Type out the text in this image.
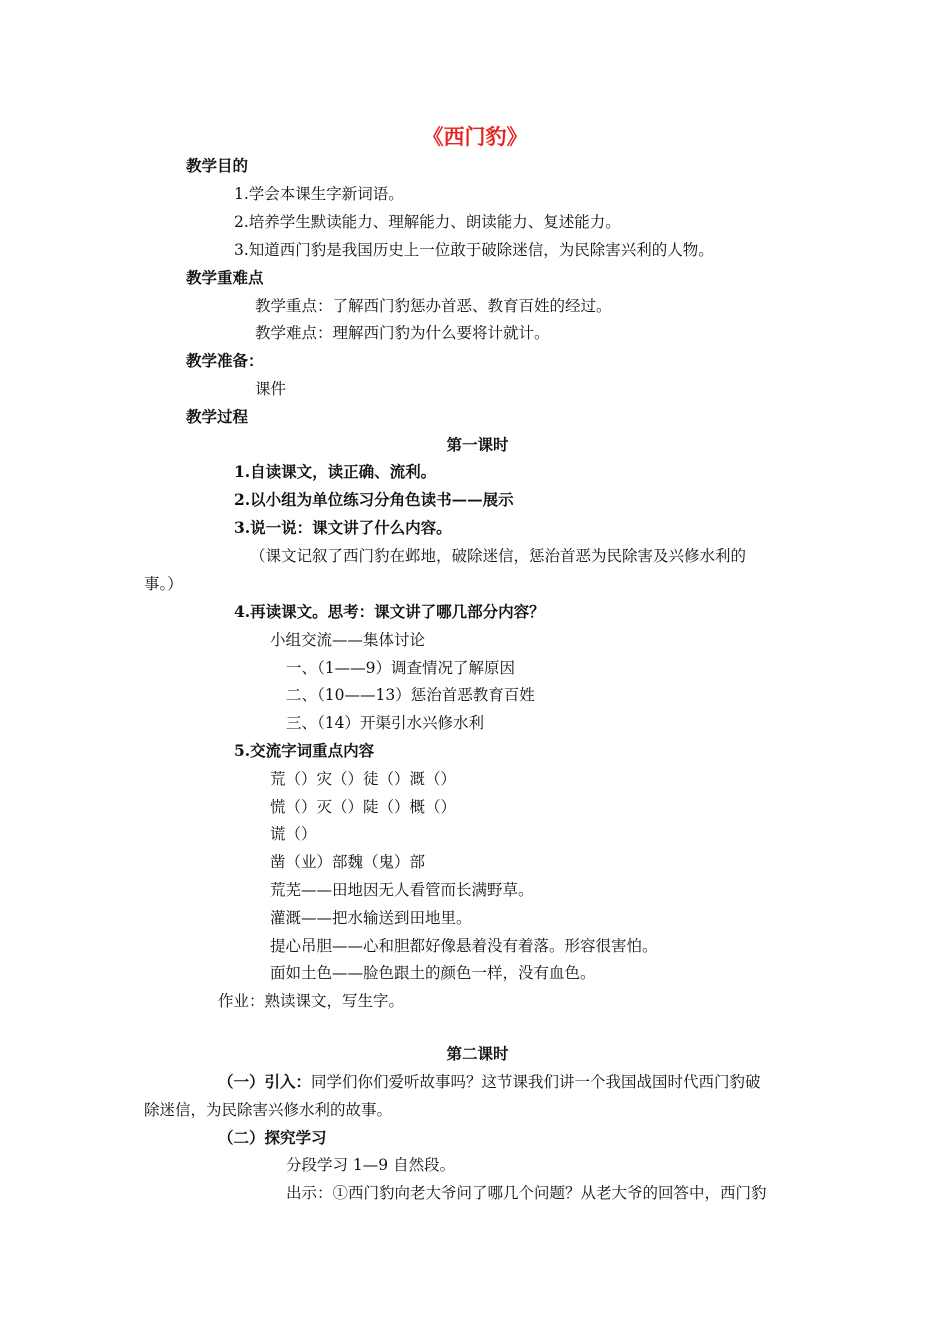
《西门豹》
教学目的
1.学会本课生字新词语。
2.培养学生默读能力、理解能力、朗读能力、复述能力。
3.知道西门豹是我国历史上一位敢于破除迷信，为民除害兴利的人物。
教学重难点
教学重点：了解西门豹惩办首恶、教育百姓的经过。
教学难点：理解西门豹为什么要将计就计。
教学准备：
课件
教学过程
第一课时
1.自读课文，读正确、流利。
2.以小组为单位练习分角色读书——展示
3.说一说：课文讲了什么内容。
（课文记叙了西门豹在邺地，破除迷信，惩治首恶为民除害及兴修水利的
事。）
4.再读课文。思考：课文讲了哪几部分内容？
小组交流——集体讨论
一、（1——9）调查情况了解原因
二、（10——13）惩治首恶教育百姓
三、（14）开渠引水兴修水利
5.交流字词重点内容
荒（）灾（）徒（）溉（）
慌（）灭（）陡（）概（）
谎（）
凿（业）部魏（鬼）部
荒芜——田地因无人看管而长满野草。
灌溉——把水输送到田地里。
提心吊胆——心和胆都好像悬着没有着落。形容很害怕。
面如土色——脸色跟土的颜色一样，没有血色。
作业：熟读课文，写生字。
第二课时
（一）引入：同学们你们爱听故事吗？这节课我们讲一个我国战国时代西门豹破
除迷信，为民除害兴修水利的故事。
（二）探究学习
分段学习 1—9 自然段。
出示：①西门豹向老大爷问了哪几个问题？从老大爷的回答中，西门豹
